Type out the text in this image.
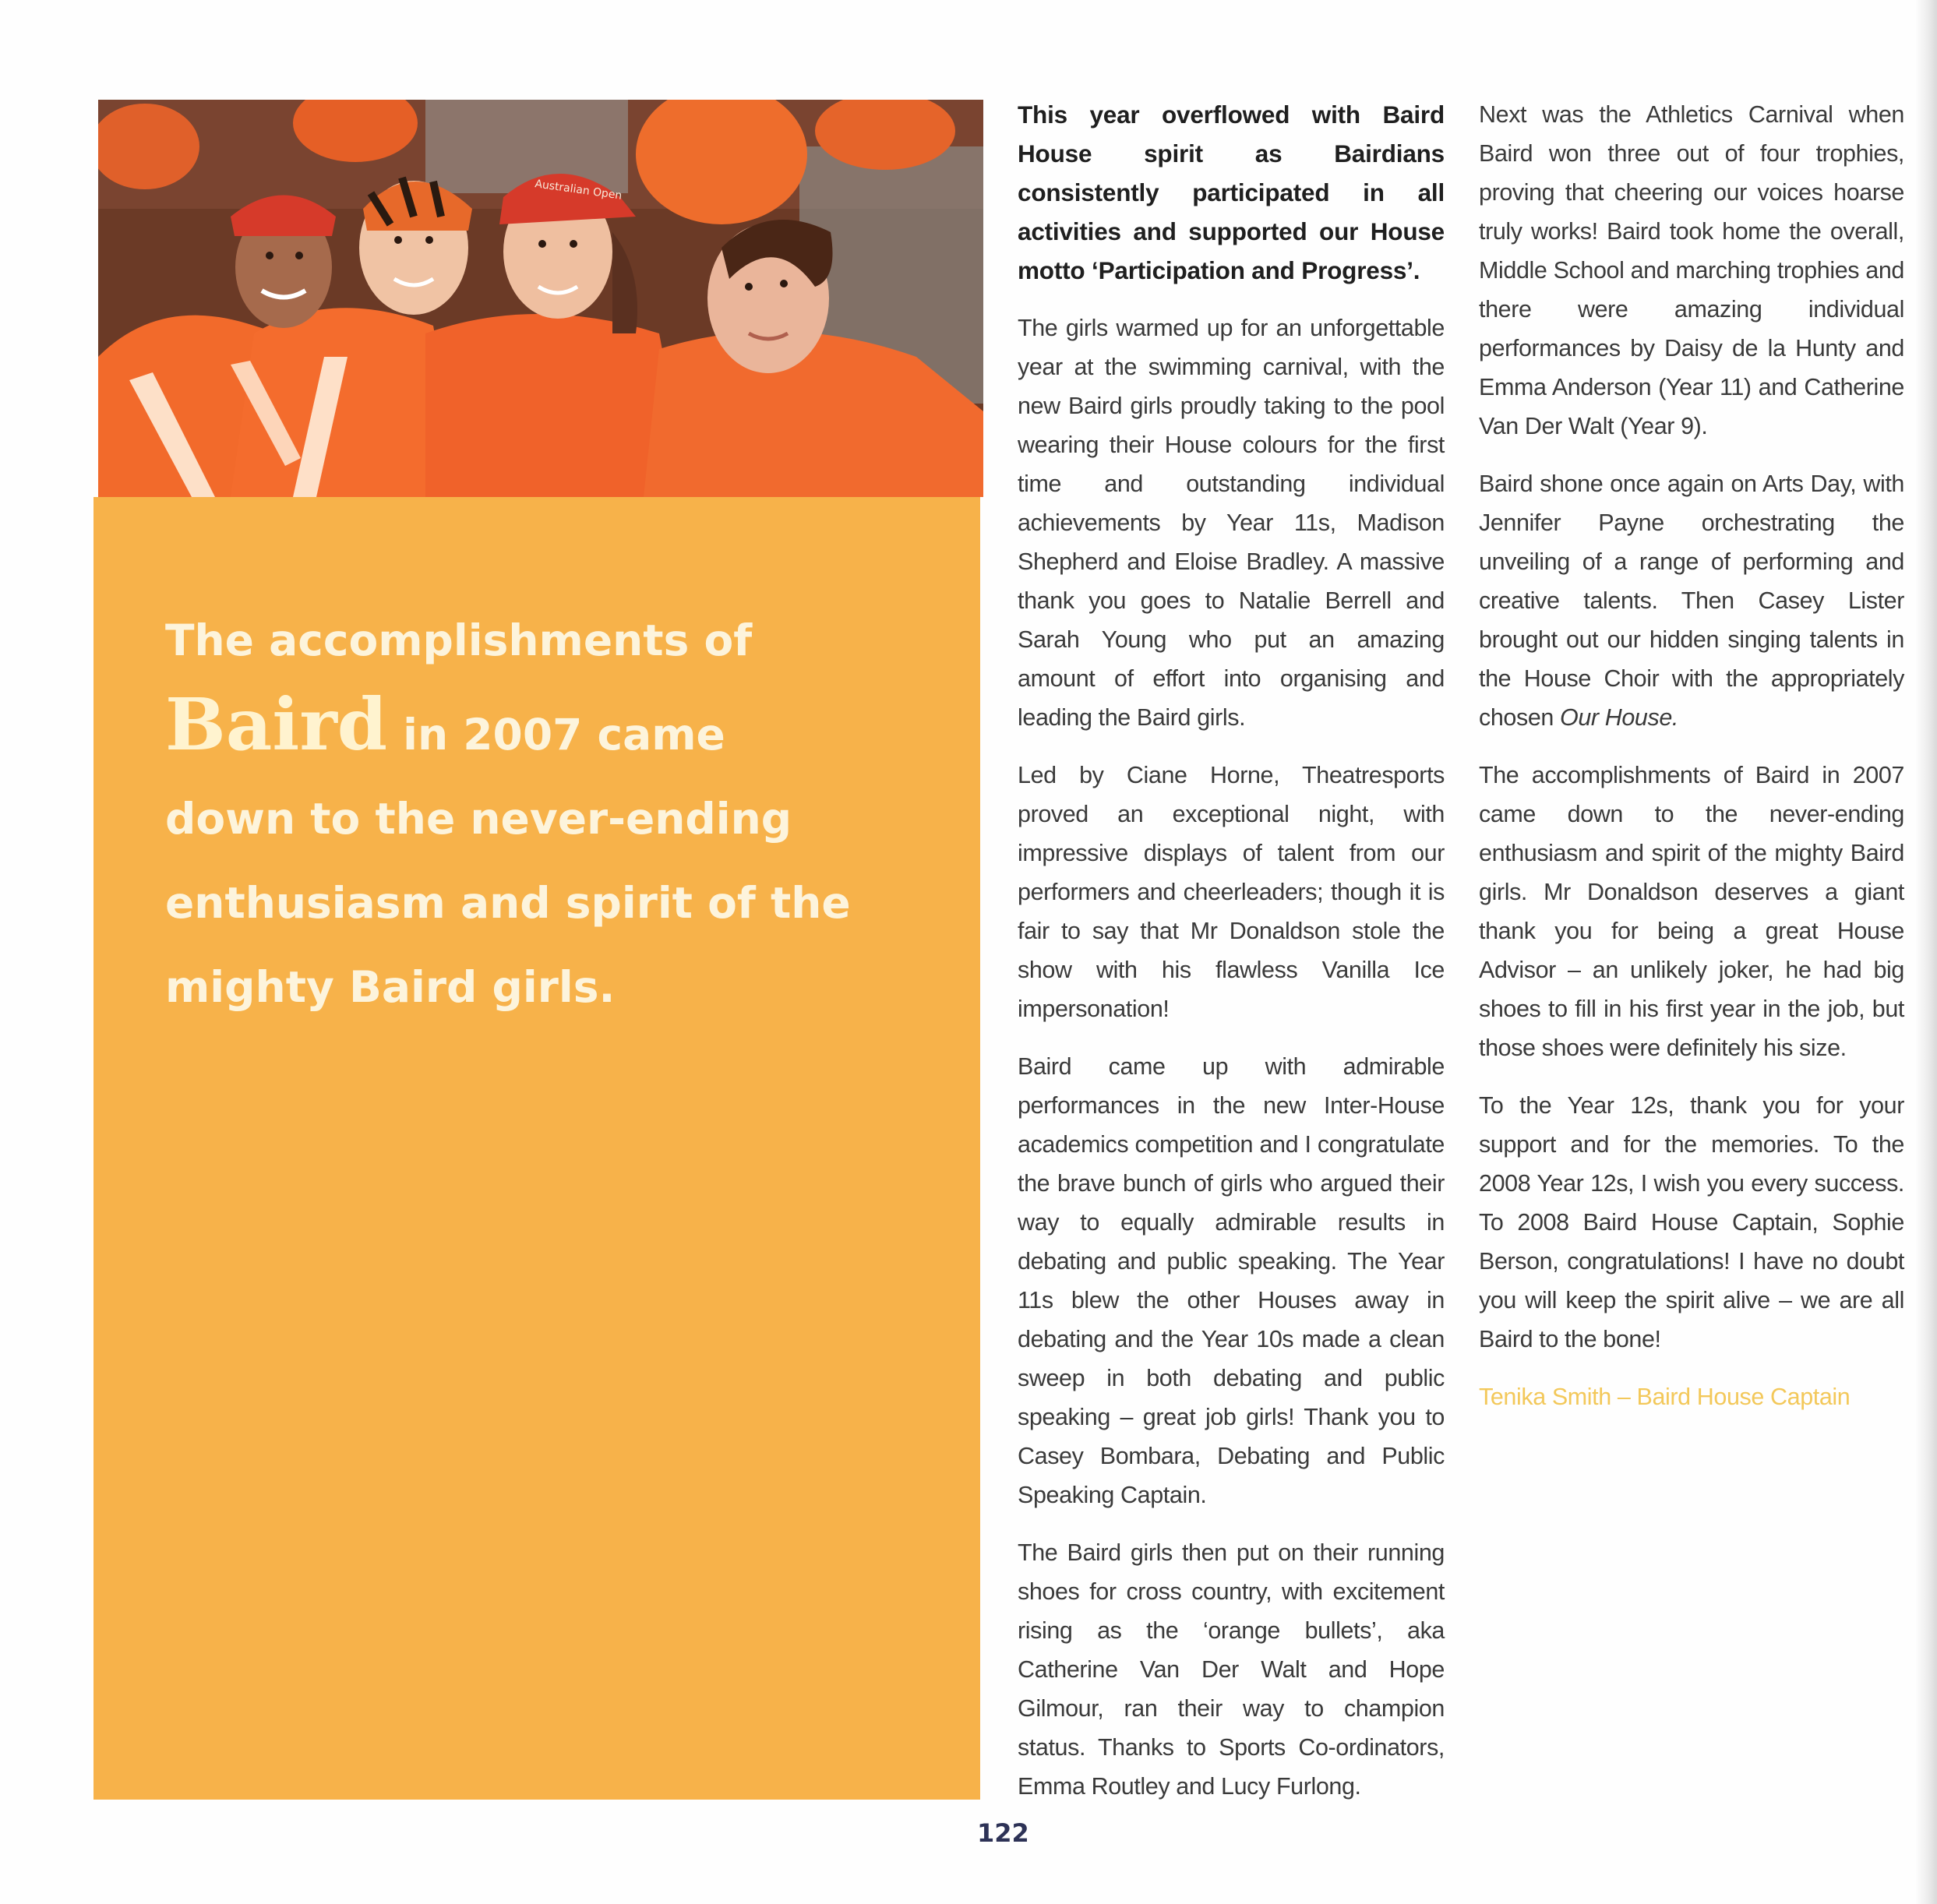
Australian Open
The accomplishments of
Baird in 2007 came
down to the never-ending
enthusiasm and spirit of the
mighty Baird girls.

This year overflowed with Baird House spirit as Bairdians consistently participated in all activities and supported our House motto ‘Participation and Progress’.

The girls warmed up for an unforgettable year at the swimming carnival, with the new Baird girls proudly taking to the pool wearing their House colours for the first time and outstanding individual achievements by Year 11s, Madison Shepherd and Eloise Bradley. A massive thank you goes to Natalie Berrell and Sarah Young who put an amazing amount of effort into organising and leading the Baird girls.

Led by Ciane Horne, Theatresports proved an exceptional night, with impressive displays of talent from our performers and cheerleaders; though it is fair to say that Mr Donaldson stole the show with his flawless Vanilla Ice impersonation!

Baird came up with admirable performances in the new Inter-House academics competition and I congratulate the brave bunch of girls who argued their way to equally admirable results in debating and public speaking. The Year 11s blew the other Houses away in debating and the Year 10s made a clean sweep in both debating and public speaking – great job girls! Thank you to Casey Bombara, Debating and Public Speaking Captain.

The Baird girls then put on their running shoes for cross country, with excitement rising as the ‘orange bullets’, aka Catherine Van Der Walt and Hope Gilmour, ran their way to champion status. Thanks to Sports Co-ordinators, Emma Routley and Lucy Furlong.

Next was the Athletics Carnival when Baird won three out of four trophies, proving that cheering our voices hoarse truly works! Baird took home the overall, Middle School and marching trophies and there were amazing individual performances by Daisy de la Hunty and Emma Anderson (Year 11) and Catherine Van Der Walt (Year 9).

Baird shone once again on Arts Day, with Jennifer Payne orchestrating the unveiling of a range of performing and creative talents. Then Casey Lister brought out our hidden singing talents in the House Choir with the appropriately chosen Our House.

The accomplishments of Baird in 2007 came down to the never-ending enthusiasm and spirit of the mighty Baird girls. Mr Donaldson deserves a giant thank you for being a great House Advisor – an unlikely joker, he had big shoes to fill in his first year in the job, but those shoes were definitely his size.

To the Year 12s, thank you for your support and for the memories. To the 2008 Year 12s, I wish you every success. To 2008 Baird House Captain, Sophie Berson, congratulations! I have no doubt you will keep the spirit alive – we are all Baird to the bone!

Tenika Smith – Baird House Captain

122
